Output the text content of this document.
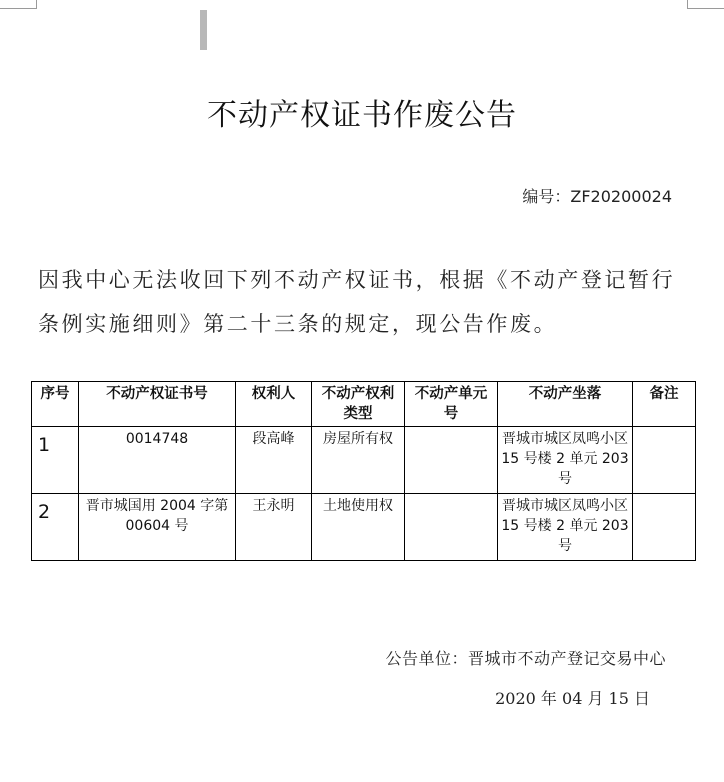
不动产权证书作废公告
编号：ZF20200024
因我中心无法收回下列不动产权证书，根据《不动产登记暂行条例实施细则》第二十三条的规定，现公告作废。
序号	不动产权证书号	权利人	不动产权利类型	不动产单元号	不动产坐落	备注
1	0014748	段高峰	房屋所有权		晋城市城区凤鸣小区 15 号楼 2 单元 203 号	
2	晋市城国用 2004 字第 00604 号	王永明	土地使用权		晋城市城区凤鸣小区 15 号楼 2 单元 203 号	
公告单位：晋城市不动产登记交易中心
2020 年 04 月 15 日
